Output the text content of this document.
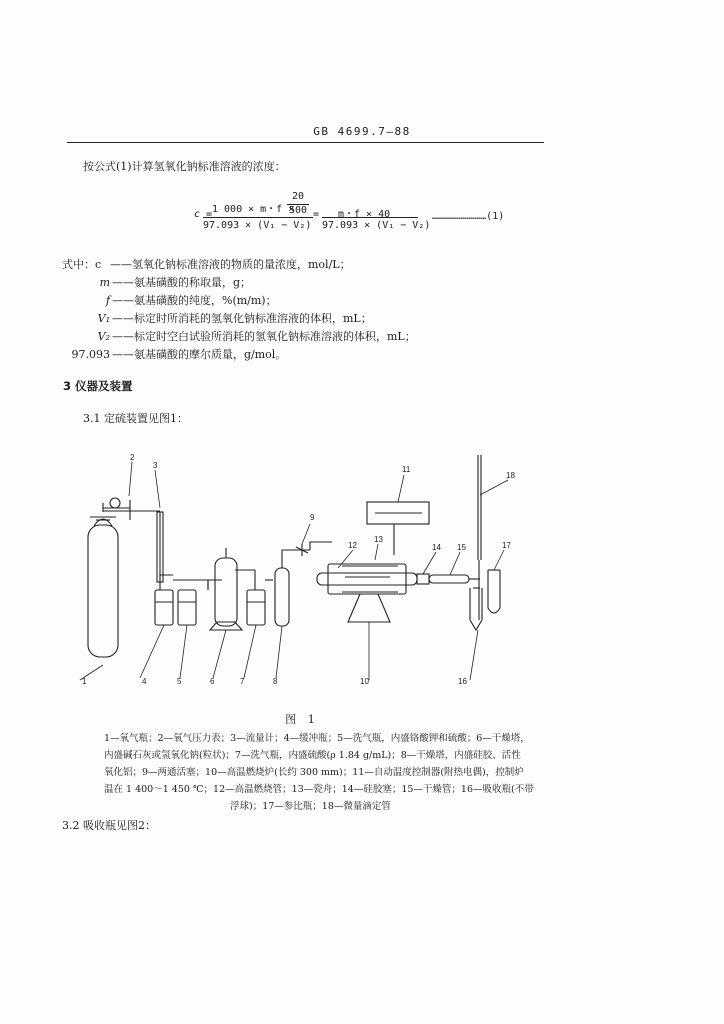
GB 4699.7—88
按公式(1)计算氢氧化钠标准溶液的浓度：
c = 1 000 × m・f ×
20
500
97.093 × (V₁ − V₂)
= m・f × 40
97.093 × (V₁ − V₂)
………………………(1)
式中：c ——氢氧化钠标准溶液的物质的量浓度，mol/L；
m ——氨基磺酸的称取量，g；
f ——氨基磺酸的纯度，%(m/m)；
V₁ ——标定时所消耗的氢氧化钠标准溶液的体积，mL；
V₂ ——标定时空白试验所消耗的氢氧化钠标准溶液的体积，mL；
97.093 ——氨基磺酸的摩尔质量，g/mol。
3 仪器及装置
3.1 定硫装置见图1：
1
2
3
4	5	6	7	8
9
10
11
12
13
14 15
16
17
18
图 1
1—氧气瓶；2—氧气压力表；3—流量计；4—缓冲瓶；5—洗气瓶，内盛铬酸钾和硫酸；6—干燥塔，
内盛碱石灰或氢氧化钠(粒状)；7—洗气瓶，内盛硫酸(ρ 1.84 g/mL)；8—干燥塔，内盛硅胶、活性
氧化铝；9—两通活塞；10—高温燃烧炉(长约 300 mm)；11—自动温度控制器(附热电偶)，控制炉
温在 1 400～1 450 ℃；12—高温燃烧管；13—瓷舟；14—硅胶塞；15—干燥管；16—吸收瓶(不带
浮球)；17—参比瓶；18—微量滴定管
3.2 吸收瓶见图2：
